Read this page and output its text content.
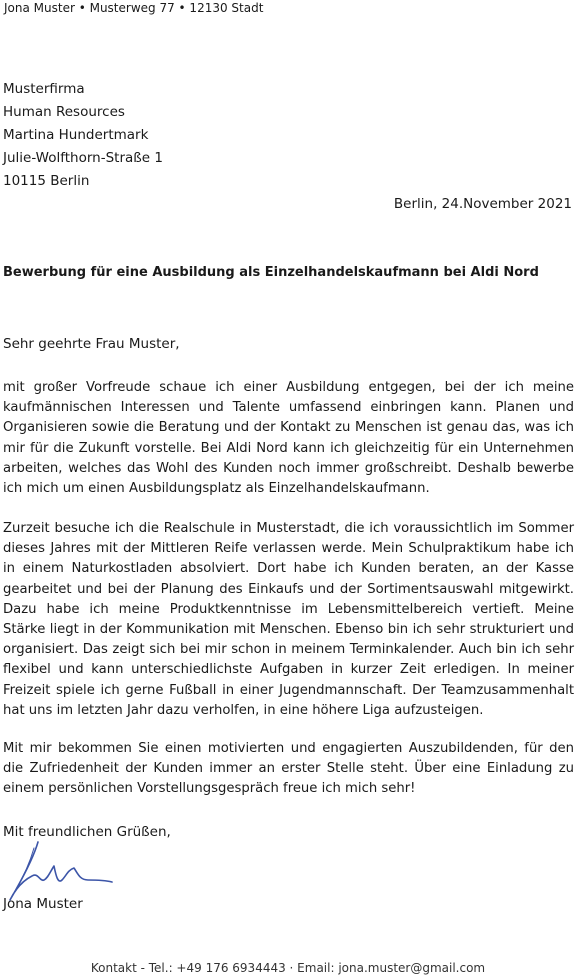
Jona Muster • Musterweg 77 • 12130 Stadt
Musterfirma
Human Resources
Martina Hundertmark
Julie-Wolfthorn-Straße 1
10115 Berlin
Berlin, 24.November 2021
Bewerbung für eine Ausbildung als Einzelhandelskaufmann bei Aldi Nord
Sehr geehrte Frau Muster,

mit großer Vorfreude schaue ich einer Ausbildung entgegen, bei der ich meine kaufmännischen Interessen und Talente umfassend einbringen kann. Planen und Organisieren sowie die Beratung und der Kontakt zu Menschen ist genau das, was ich mir für die Zukunft vorstelle. Bei Aldi Nord kann ich gleichzeitig für ein Unternehmen arbeiten, welches das Wohl des Kunden noch immer großschreibt. Deshalb bewerbe ich mich um einen Ausbildungsplatz als Einzelhandelskaufmann.

Zurzeit besuche ich die Realschule in Musterstadt, die ich voraussichtlich im Sommer dieses Jahres mit der Mittleren Reife verlassen werde. Mein Schulpraktikum habe ich in einem Naturkostladen absolviert. Dort habe ich Kunden beraten, an der Kasse gearbeitet und bei der Planung des Einkaufs und der Sortimentsauswahl mitgewirkt. Dazu habe ich meine Produktkenntnisse im Lebensmittelbereich vertieft. Meine Stärke liegt in der Kommunikation mit Menschen. Ebenso bin ich sehr strukturiert und organisiert. Das zeigt sich bei mir schon in meinem Terminkalender. Auch bin ich sehr flexibel und kann unterschiedlichste Aufgaben in kurzer Zeit erledigen. In meiner Freizeit spiele ich gerne Fußball in einer Jugendmannschaft. Der Teamzusammenhalt hat uns im letzten Jahr dazu verholfen, in eine höhere Liga aufzusteigen.

Mit mir bekommen Sie einen motivierten und engagierten Auszubildenden, für den die Zufriedenheit der Kunden immer an erster Stelle steht. Über eine Einladung zu einem persönlichen Vorstellungsgespräch freue ich mich sehr!

Mit freundlichen Grüßen,
Jona Muster
Kontakt - Tel.: +49 176 6934443 · Email: jona.muster@gmail.com
